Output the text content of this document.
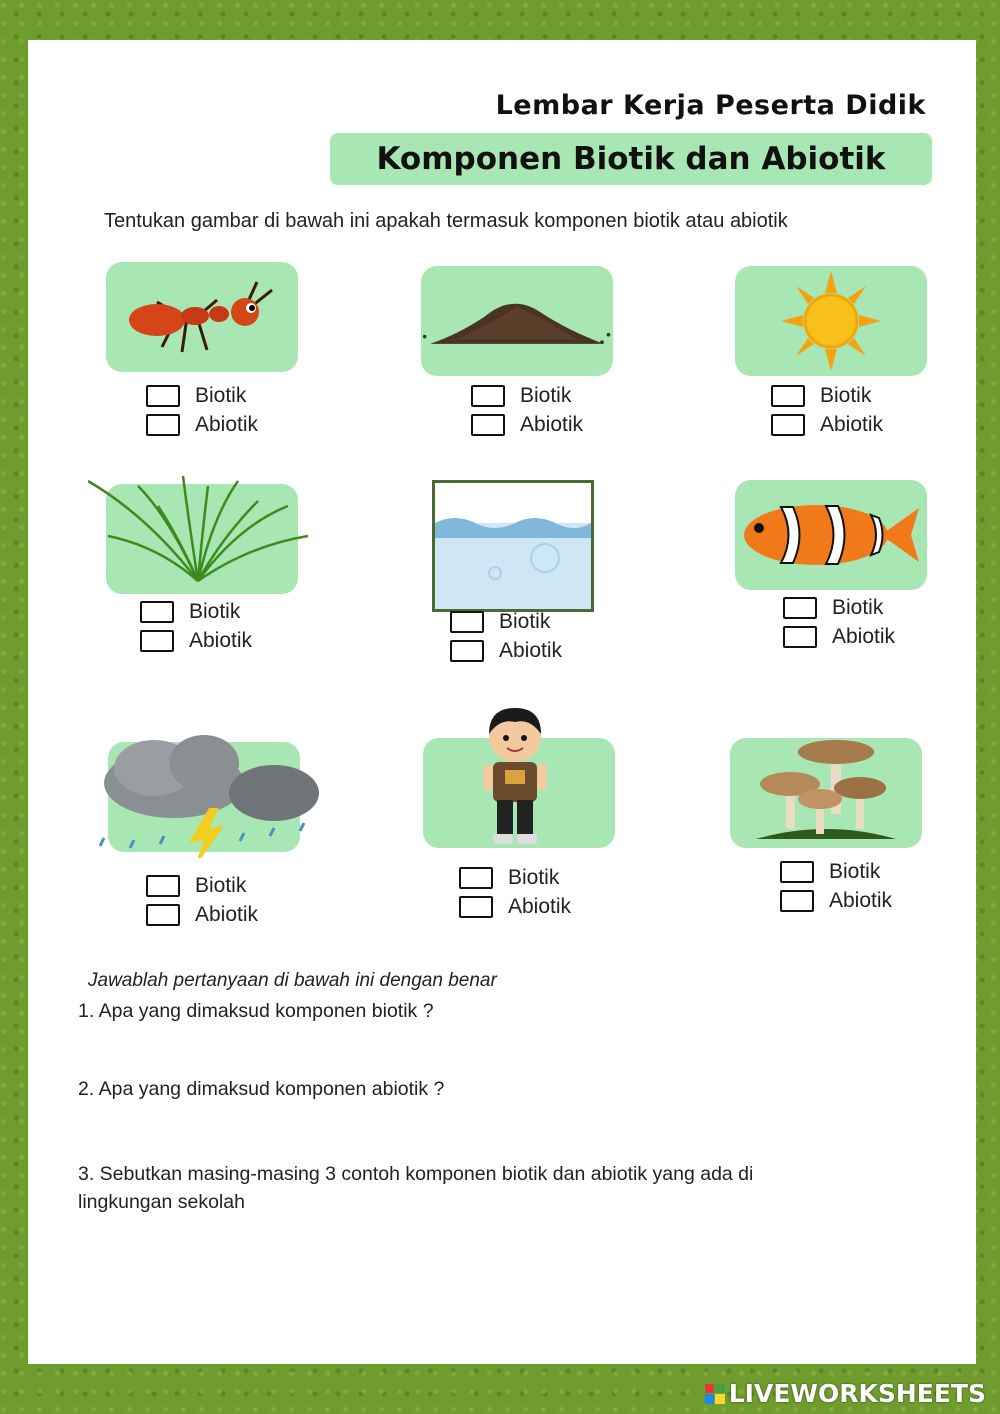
Lembar Kerja Peserta Didik
Komponen Biotik dan Abiotik
Tentukan gambar di bawah ini apakah termasuk komponen biotik atau abiotik
Biotik
Abiotik
Biotik
Abiotik
Biotik
Abiotik
Biotik
Abiotik
Biotik
Abiotik
Biotik
Abiotik
Biotik
Abiotik
Biotik
Abiotik
Biotik
Abiotik
Jawablah pertanyaan di bawah ini dengan benar
1. Apa yang dimaksud komponen biotik ?
2. Apa yang dimaksud komponen abiotik ?
3. Sebutkan masing-masing 3 contoh komponen biotik dan abiotik yang ada di
lingkungan sekolah
LIVEWORKSHEETS
